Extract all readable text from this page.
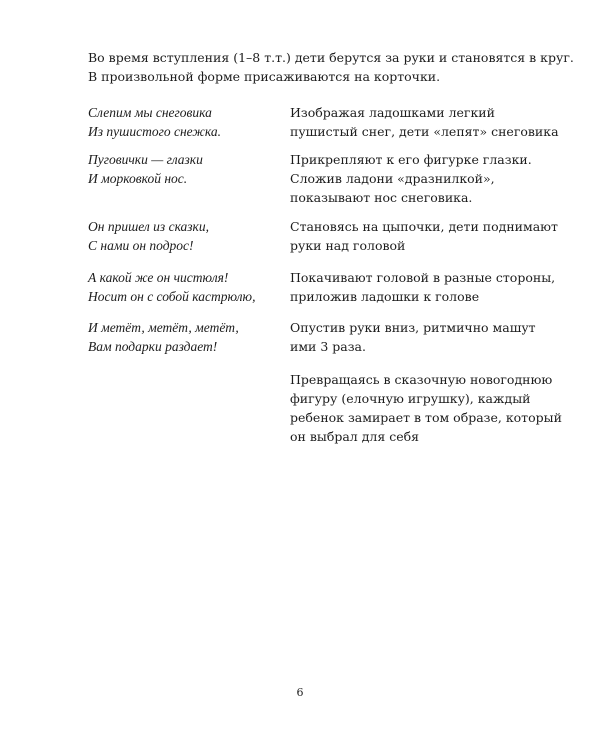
Во время вступления (1–8 т.т.) дети берутся за руки и становятся в круг.
В произвольной форме присаживаются на корточки.
Слепим мы снеговика
Из пушистого снежка.
Изображая ладошками легкий
пушистый снег, дети «лепят» снеговика
Пуговички — глазки
И морковкой нос.
Прикрепляют к его фигурке глазки.
Сложив ладони «дразнилкой»,
показывают нос снеговика.
Он пришел из сказки,
С нами он подрос!
Становясь на цыпочки, дети поднимают
руки над головой
А какой же он чистюля!
Носит он с собой кастрюлю,
Покачивают головой в разные стороны,
приложив ладошки к голове
И метёт, метёт, метёт,
Вам подарки раздает!
Опустив руки вниз, ритмично машут
ими 3 раза.
Превращаясь в сказочную новогоднюю
фигуру (елочную игрушку), каждый
ребенок замирает в том образе, который
он выбрал для себя
6
